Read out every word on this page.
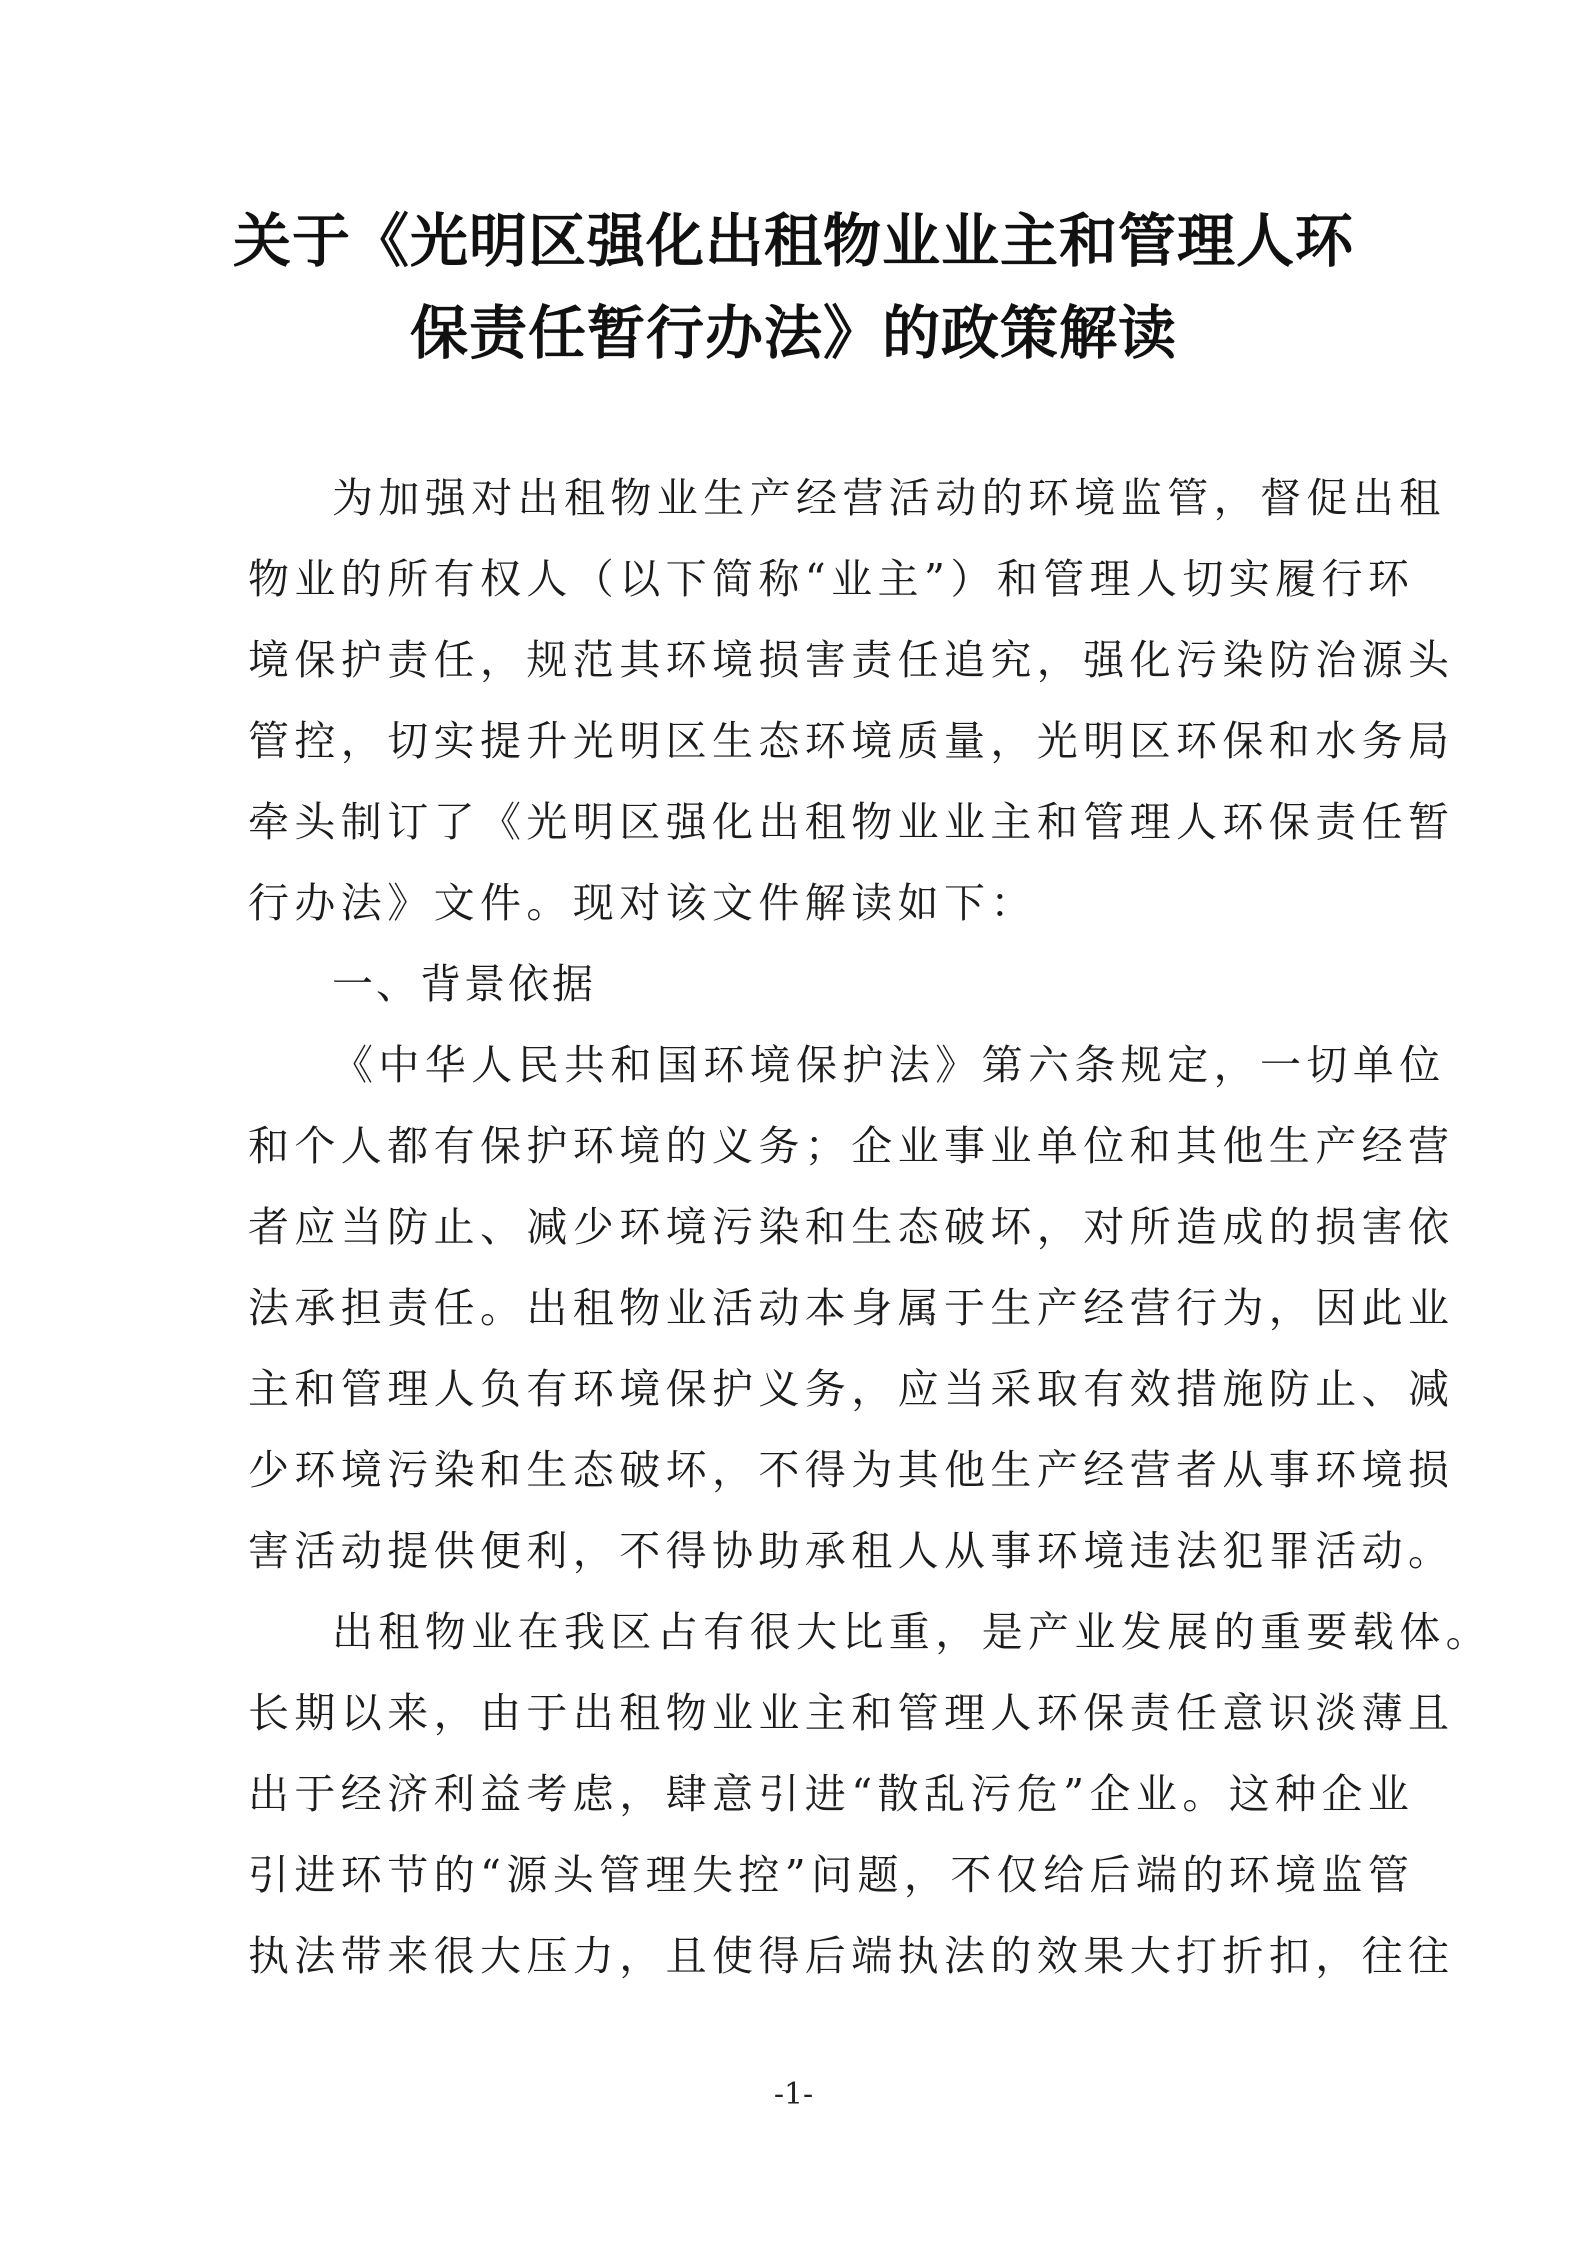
关于《光明区强化出租物业业主和管理人环
保责任暂行办法》的政策解读
为加强对出租物业生产经营活动的环境监管，督促出租
物业的所有权人（以下简称“业主”）和管理人切实履行环
境保护责任，规范其环境损害责任追究，强化污染防治源头
管控，切实提升光明区生态环境质量，光明区环保和水务局
牵头制订了《光明区强化出租物业业主和管理人环保责任暂
行办法》文件。现对该文件解读如下：
一、背景依据
《中华人民共和国环境保护法》第六条规定，一切单位
和个人都有保护环境的义务；企业事业单位和其他生产经营
者应当防止、减少环境污染和生态破坏，对所造成的损害依
法承担责任。出租物业活动本身属于生产经营行为，因此业
主和管理人负有环境保护义务，应当采取有效措施防止、减
少环境污染和生态破坏，不得为其他生产经营者从事环境损
害活动提供便利，不得协助承租人从事环境违法犯罪活动。
出租物业在我区占有很大比重，是产业发展的重要载体。
长期以来，由于出租物业业主和管理人环保责任意识淡薄且
出于经济利益考虑，肆意引进“散乱污危”企业。这种企业
引进环节的“源头管理失控”问题，不仅给后端的环境监管
执法带来很大压力，且使得后端执法的效果大打折扣，往往
-1-
